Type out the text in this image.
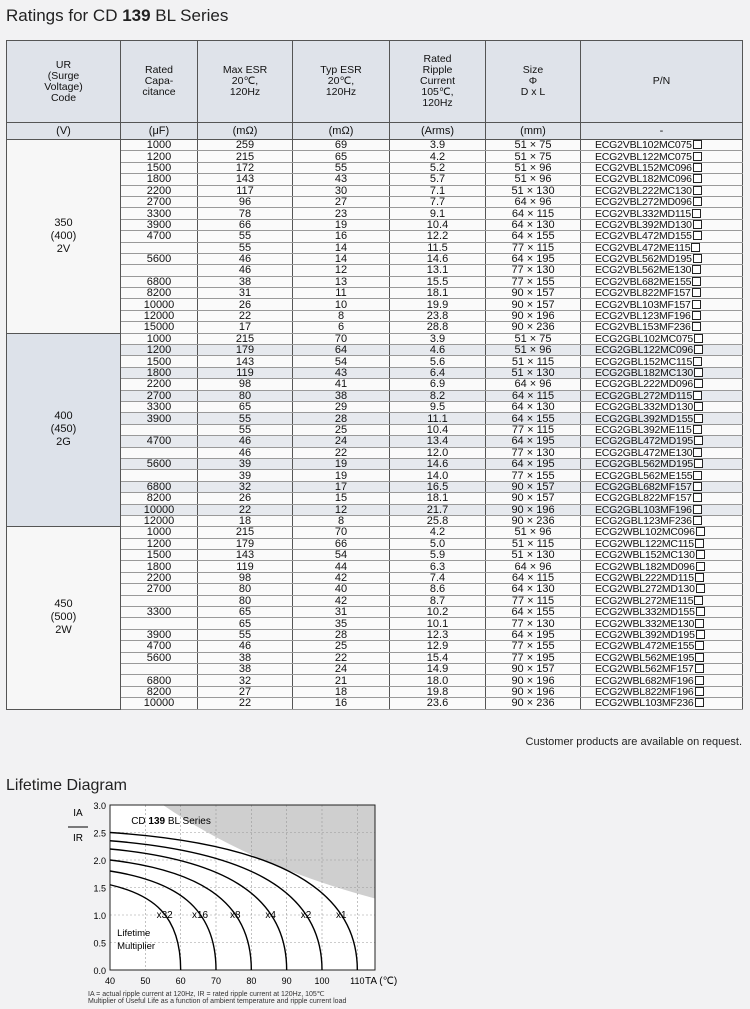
Ratings for CD 139 BL Series
UR
(Surge
Voltage)
Code	Rated
Capa-
citance	Max ESR
20℃,
120Hz	Typ ESR
20℃,
120Hz	Rated
Ripple
Current
105℃,
120Hz	Size
Φ
D x L	P/N
(V)	(μF)	(mΩ)	(mΩ)	(Arms)	(mm)	-
350
(400)
2V	1000	259	69	3.9	51 × 75	ECG2VBL102MC075
	1200	215	65	4.2	51 × 75	ECG2VBL122MC075
	1500	172	55	5.2	51 × 96	ECG2VBL152MC096
	1800	143	43	5.7	51 × 96	ECG2VBL182MC096
	2200	117	30	7.1	51 × 130	ECG2VBL222MC130
	2700	96	27	7.7	64 × 96	ECG2VBL272MD096
	3300	78	23	9.1	64 × 115	ECG2VBL332MD115
	3900	66	19	10.4	64 × 130	ECG2VBL392MD130
	4700	55	16	12.2	64 × 155	ECG2VBL472MD155
		55	14	11.5	77 × 115	ECG2VBL472ME115
	5600	46	14	14.6	64 × 195	ECG2VBL562MD195
		46	12	13.1	77 × 130	ECG2VBL562ME130
	6800	38	13	15.5	77 × 155	ECG2VBL682ME155
	8200	31	11	18.1	90 × 157	ECG2VBL822MF157
	10000	26	10	19.9	90 × 157	ECG2VBL103MF157
	12000	22	8	23.8	90 × 196	ECG2VBL123MF196
	15000	17	6	28.8	90 × 236	ECG2VBL153MF236
400
(450)
2G	1000	215	70	3.9	51 × 75	ECG2GBL102MC075
	1200	179	64	4.6	51 × 96	ECG2GBL122MC096
	1500	143	54	5.6	51 × 115	ECG2GBL152MC115
	1800	119	43	6.4	51 × 130	ECG2GBL182MC130
	2200	98	41	6.9	64 × 96	ECG2GBL222MD096
	2700	80	38	8.2	64 × 115	ECG2GBL272MD115
	3300	65	29	9.5	64 × 130	ECG2GBL332MD130
	3900	55	28	11.1	64 × 155	ECG2GBL392MD155
		55	25	10.4	77 × 115	ECG2GBL392ME115
	4700	46	24	13.4	64 × 195	ECG2GBL472MD195
		46	22	12.0	77 × 130	ECG2GBL472ME130
	5600	39	19	14.6	64 × 195	ECG2GBL562MD195
		39	19	14.0	77 × 155	ECG2GBL562ME155
	6800	32	17	16.5	90 × 157	ECG2GBL682MF157
	8200	26	15	18.1	90 × 157	ECG2GBL822MF157
	10000	22	12	21.7	90 × 196	ECG2GBL103MF196
	12000	18	8	25.8	90 × 236	ECG2GBL123MF236
450
(500)
2W	1000	215	70	4.2	51 × 96	ECG2WBL102MC096
	1200	179	66	5.0	51 × 115	ECG2WBL122MC115
	1500	143	54	5.9	51 × 130	ECG2WBL152MC130
	1800	119	44	6.3	64 × 96	ECG2WBL182MD096
	2200	98	42	7.4	64 × 115	ECG2WBL222MD115
	2700	80	40	8.6	64 × 130	ECG2WBL272MD130
		80	42	8.7	77 × 115	ECG2WBL272ME115
	3300	65	31	10.2	64 × 155	ECG2WBL332MD155
		65	35	10.1	77 × 130	ECG2WBL332ME130
	3900	55	28	12.3	64 × 195	ECG2WBL392MD195
	4700	46	25	12.9	77 × 155	ECG2WBL472ME155
	5600	38	22	15.4	77 × 195	ECG2WBL562ME195
		38	24	14.9	90 × 157	ECG2WBL562MF157
	6800	32	21	18.0	90 × 196	ECG2WBL682MF196
	8200	27	18	19.8	90 × 196	ECG2WBL822MF196
	10000	22	16	23.6	90 × 236	ECG2WBL103MF236
Customer products are available on request.
Lifetime Diagram
0.0
0.5
1.0
1.5
2.0
2.5
3.0
40	50	60	70	80	90	100 110
x32 x16 x8 x4 x2 x1
CD 139 BL Series
Lifetime
Multiplier
IA
IR
TA (℃)
IA = actual ripple current at 120Hz, IR = rated ripple current at 120Hz, 105℃
Multiplier of Useful Life as a function of ambient temperature and ripple current load
